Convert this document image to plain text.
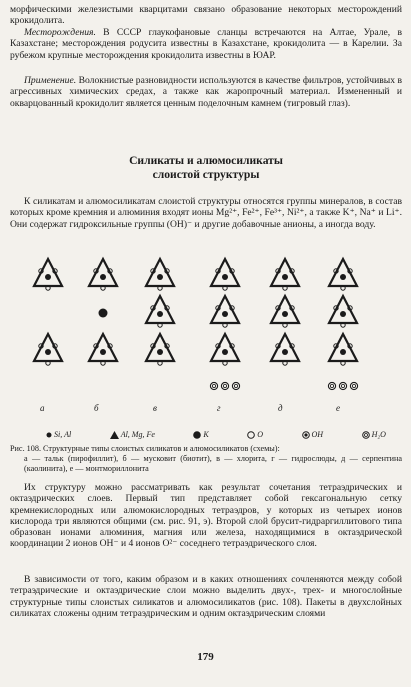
морфическими железистыми кварцитами связано образование некоторых месторождений крокидолита.

Месторождения. В СССР глаукофановые сланцы встречаются на Алтае, Урале, в Казахстане; месторождения родусита известны в Казахстане, крокидолита — в Карелии. За рубежом крупные месторождения крокидолита известны в ЮАР.

Применение. Волокнистые разновидности используются в качестве фильтров, устойчивых в агрессивных химических средах, а также как жаропрочный материал. Измененный и окварцованный крокидолит является ценным поделочным камнем (тигровый глаз).

Силикаты и алюмосиликаты
слоистой структуры

К силикатам и алюмосиликатам слоистой структуры относятся группы минералов, в состав которых кроме кремния и алюминия входят ионы Mg²⁺, Fe²⁺, Fe³⁺, Ni²⁺, а также K⁺, Na⁺ и Li⁺. Они содержат гидроксильные группы (OH)⁻ и другие добавочные анионы, а иногда воду.

а	б	в	г	д	е
Si, Al	Al, Mg, Fe	K	O	OH	H₂O

Рис. 108. Структурные типы слоистых силикатов и алюмосиликатов (схемы):

а — тальк (пирофиллит), б — мусковит (биотит), в — хлорита, г — гидрослюды, д — серпентина (каолинита), е — монтмориллонита

Их структуру можно рассматривать как результат сочетания тетраэдрических и октаэдрических слоев. Первый тип представляет собой гексагональную сетку кремнекислородных или алюмокислородных тетраэдров, у которых из четырех ионов кислорода три являются общими (см. рис. 91, э). Второй слой брусит-гидраргиллитового типа образован ионами алюминия, магния или железа, находящимися в октаэдрической координации 2 ионов OH⁻ и 4 ионов O²⁻ соседнего тетраэдрического слоя.

В зависимости от того, каким образом и в каких отношениях сочленяются между собой тетраэдрические и октаэдрические слои можно выделить двух-, трех- и многослойные структурные типы слоистых силикатов и алюмосиликатов (рис. 108). Пакеты в двухслойных силикатах сложены одним тетраэдрическим и одним октаэдрическим слоями

179
